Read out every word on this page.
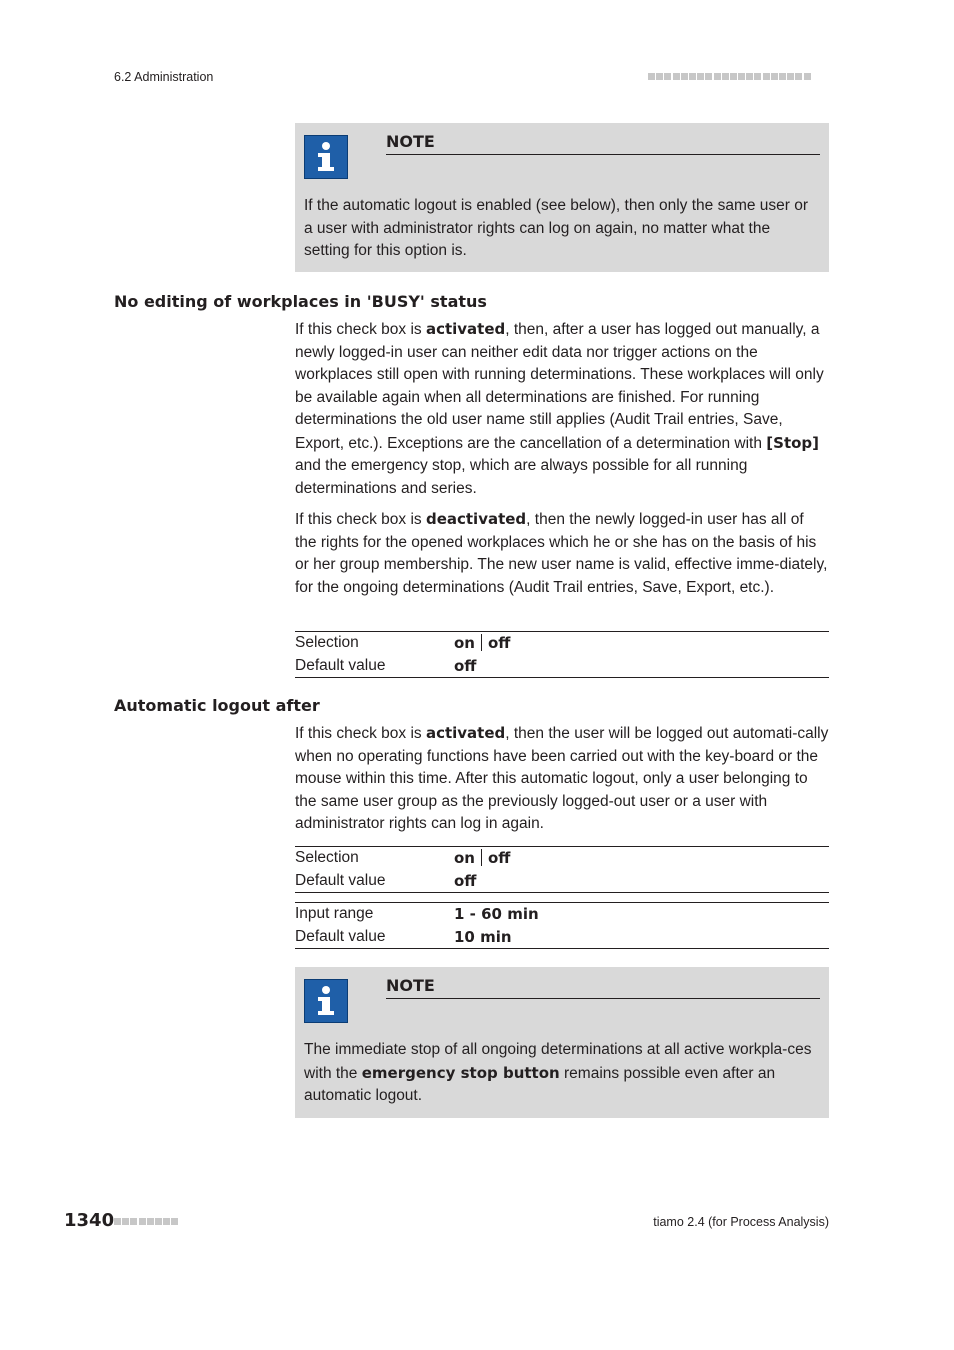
6.2 Administration
NOTE
If the automatic logout is enabled (see below), then only the same user or a user with administrator rights can log on again, no matter what the setting for this option is.
No editing of workplaces in 'BUSY' status
If this check box is activated, then, after a user has logged out manually, a newly logged-in user can neither edit data nor trigger actions on the workplaces still open with running determinations. These workplaces will only be available again when all determinations are finished. For running determinations the old user name still applies (Audit Trail entries, Save, Export, etc.). Exceptions are the cancellation of a determination with [Stop] and the emergency stop, which are always possible for all running determinations and series.
If this check box is deactivated, then the newly logged-in user has all of the rights for the opened workplaces which he or she has on the basis of his or her group membership. The new user name is valid, effective imme-diately, for the ongoing determinations (Audit Trail entries, Save, Export, etc.).
Selection	on off
Default value	off
Automatic logout after
If this check box is activated, then the user will be logged out automati-cally when no operating functions have been carried out with the key-board or the mouse within this time. After this automatic logout, only a user belonging to the same user group as the previously logged-out user or a user with administrator rights can log in again.
Selection	on off
Default value	off
Input range	1 - 60 min
Default value	10 min
NOTE
The immediate stop of all ongoing determinations at all active workpla-ces with the emergency stop button remains possible even after an automatic logout.
1340	tiamo 2.4 (for Process Analysis)
